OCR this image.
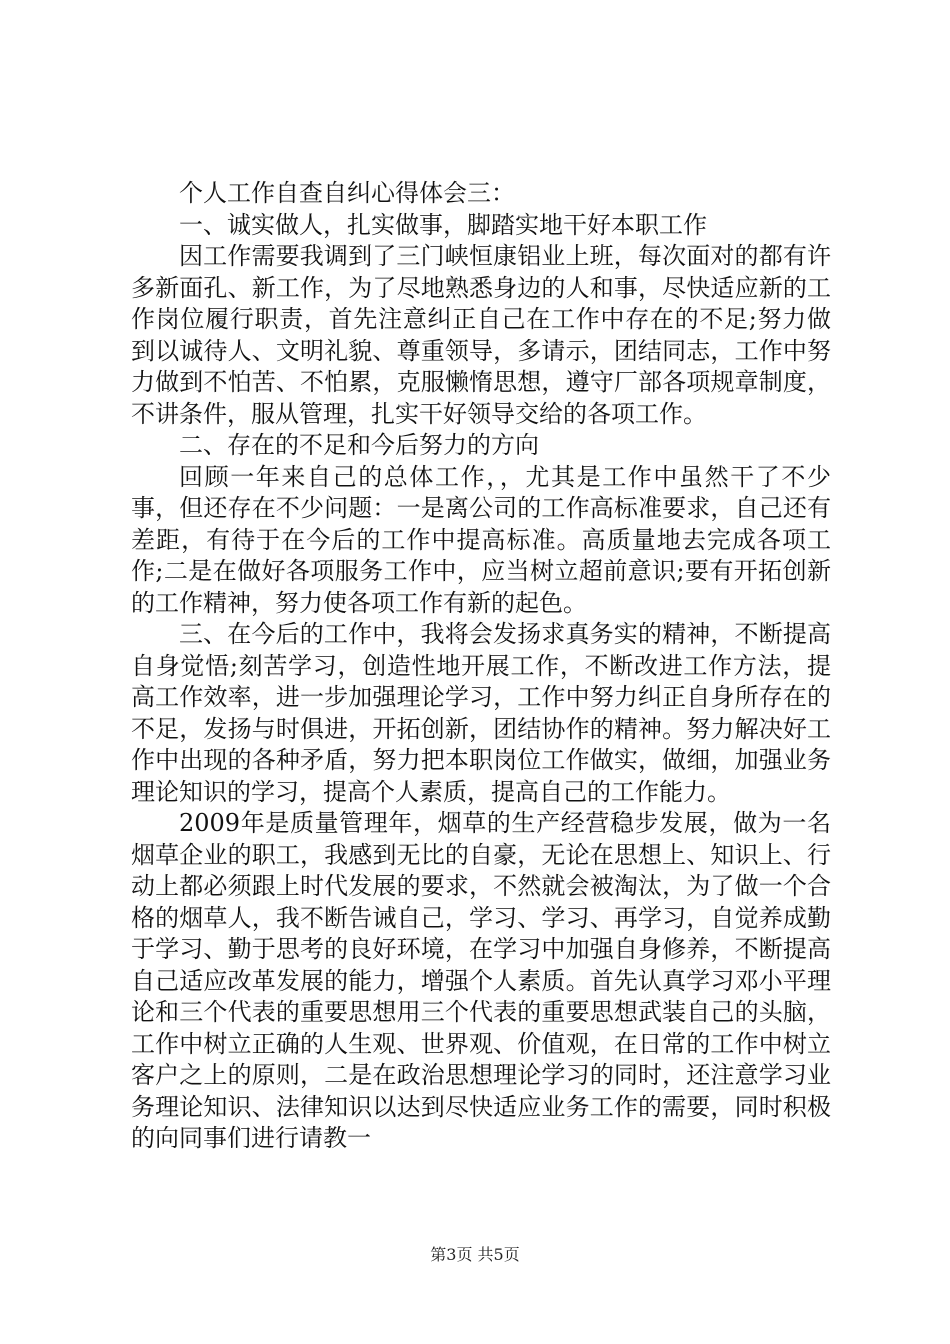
个人工作自查自纠心得体会三：

一、诚实做人，扎实做事，脚踏实地干好本职工作

因工作需要我调到了三门峡恒康铝业上班，每次面对的都有许多新面孔、新工作，为了尽地熟悉身边的人和事，尽快适应新的工作岗位履行职责，首先注意纠正自己在工作中存在的不足;努力做到以诚待人、文明礼貌、尊重领导，多请示，团结同志，工作中努力做到不怕苦、不怕累，克服懒惰思想，遵守厂部各项规章制度，不讲条件，服从管理，扎实干好领导交给的各项工作。

二、存在的不足和今后努力的方向

回顾一年来自己的总体工作，，尤其是工作中虽然干了不少事，但还存在不少问题：一是离公司的工作高标准要求，自己还有差距，有待于在今后的工作中提高标准。高质量地去完成各项工作;二是在做好各项服务工作中，应当树立超前意识;要有开拓创新的工作精神，努力使各项工作有新的起色。

三、在今后的工作中，我将会发扬求真务实的精神，不断提高自身觉悟;刻苦学习，创造性地开展工作，不断改进工作方法，提高工作效率，进一步加强理论学习，工作中努力纠正自身所存在的不足，发扬与时俱进，开拓创新，团结协作的精神。努力解决好工作中出现的各种矛盾，努力把本职岗位工作做实，做细，加强业务理论知识的学习，提高个人素质，提高自己的工作能力。

2009年是质量管理年，烟草的生产经营稳步发展，做为一名烟草企业的职工，我感到无比的自豪，无论在思想上、知识上、行动上都必须跟上时代发展的要求，不然就会被淘汰，为了做一个合格的烟草人，我不断告诫自己，学习、学习、再学习，自觉养成勤于学习、勤于思考的良好环境，在学习中加强自身修养，不断提高自己适应改革发展的能力，增强个人素质。首先认真学习邓小平理论和三个代表的重要思想用三个代表的重要思想武装自己的头脑，工作中树立正确的人生观、世界观、价值观，在日常的工作中树立客户之上的原则，二是在政治思想理论学习的同时，还注意学习业务理论知识、法律知识以达到尽快适应业务工作的需要，同时积极的向同事们进行请教一

第3页 共5页
